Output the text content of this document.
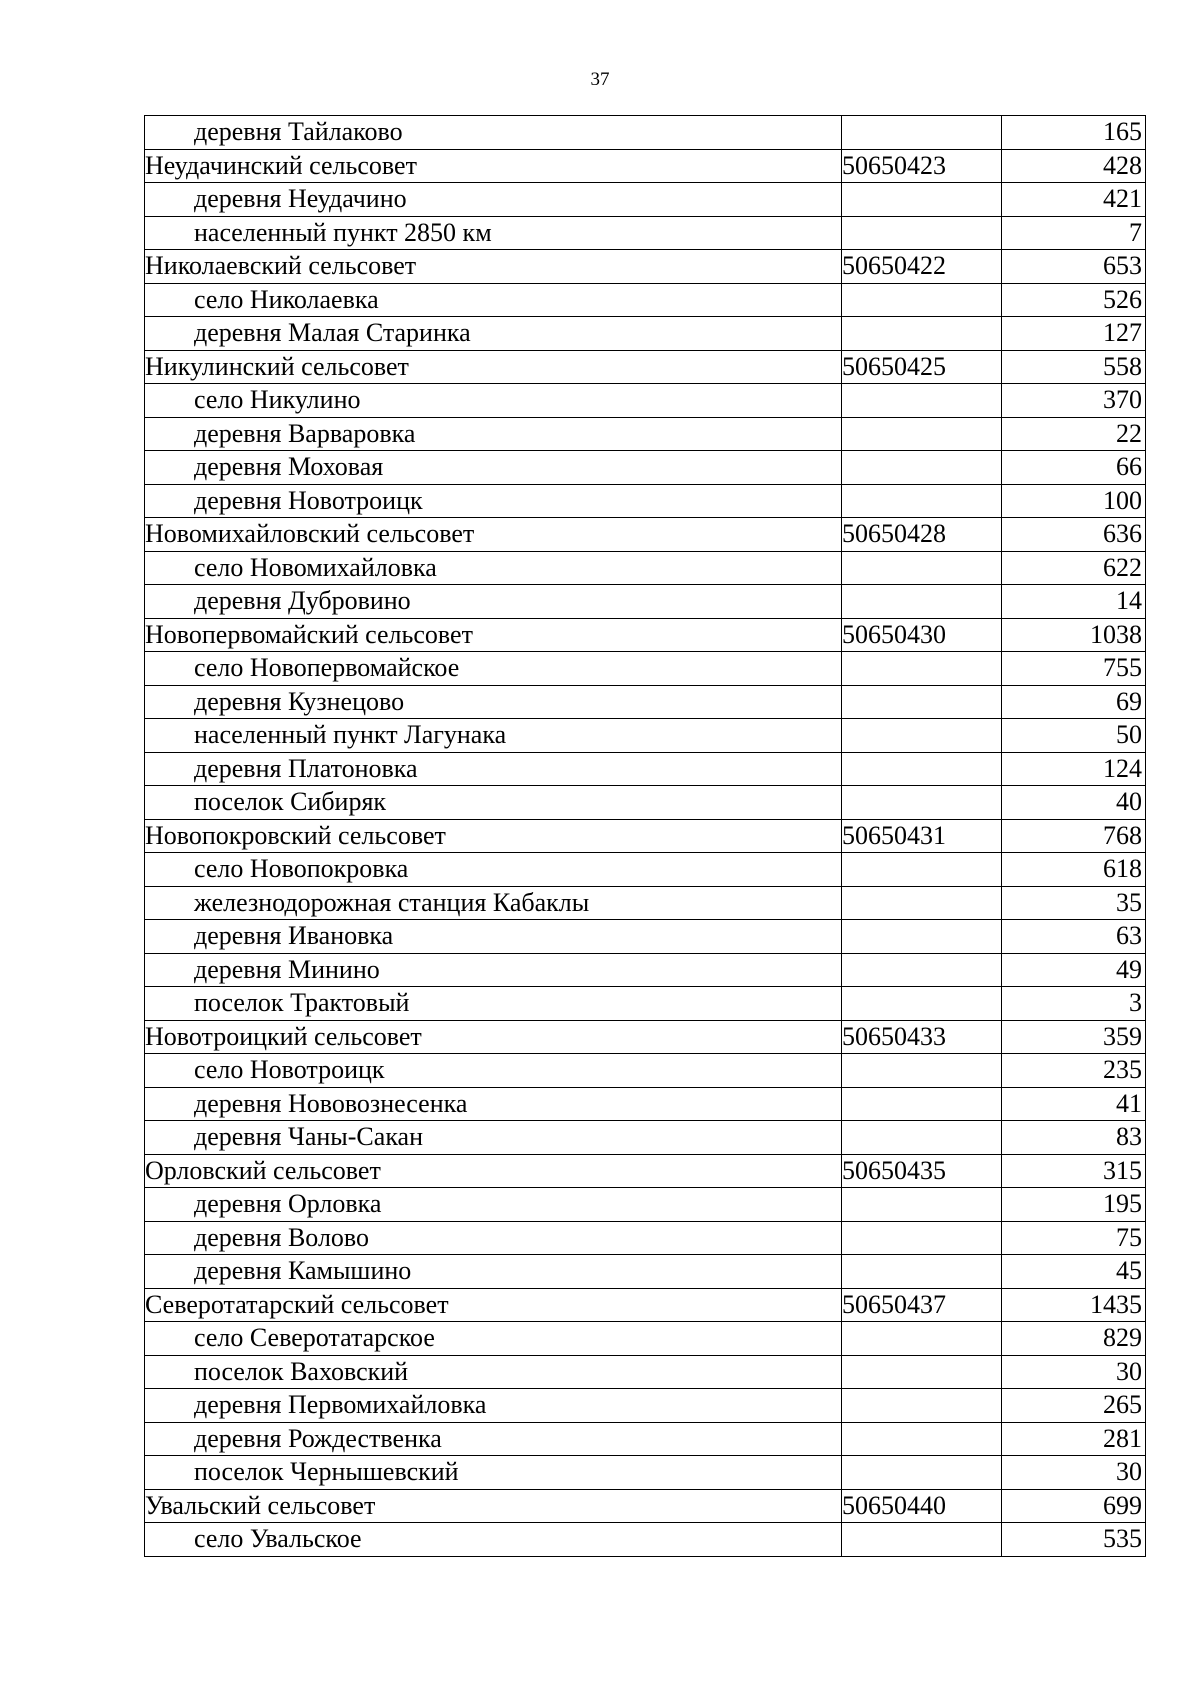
37
деревня Тайлаково		165
Неудачинский сельсовет	50650423	428
деревня Неудачино		421
населенный пункт 2850 км		7
Николаевский сельсовет	50650422	653
село Николаевка		526
деревня Малая Старинка		127
Никулинский сельсовет	50650425	558
село Никулино		370
деревня Варваровка		22
деревня Моховая		66
деревня Новотроицк		100
Новомихайловский сельсовет	50650428	636
село Новомихайловка		622
деревня Дубровино		14
Новопервомайский сельсовет	50650430	1038
село Новопервомайское		755
деревня Кузнецово		69
населенный пункт Лагунака		50
деревня Платоновка		124
поселок Сибиряк		40
Новопокровский сельсовет	50650431	768
село Новопокровка		618
железнодорожная станция Кабаклы		35
деревня Ивановка		63
деревня Минино		49
поселок Трактовый		3
Новотроицкий сельсовет	50650433	359
село Новотроицк		235
деревня Нововознесенка		41
деревня Чаны-Сакан		83
Орловский сельсовет	50650435	315
деревня Орловка		195
деревня Волово		75
деревня Камышино		45
Северотатарский сельсовет	50650437	1435
село Северотатарское		829
поселок Ваховский		30
деревня Первомихайловка		265
деревня Рождественка		281
поселок Чернышевский		30
Увальский сельсовет	50650440	699
село Увальское		535
